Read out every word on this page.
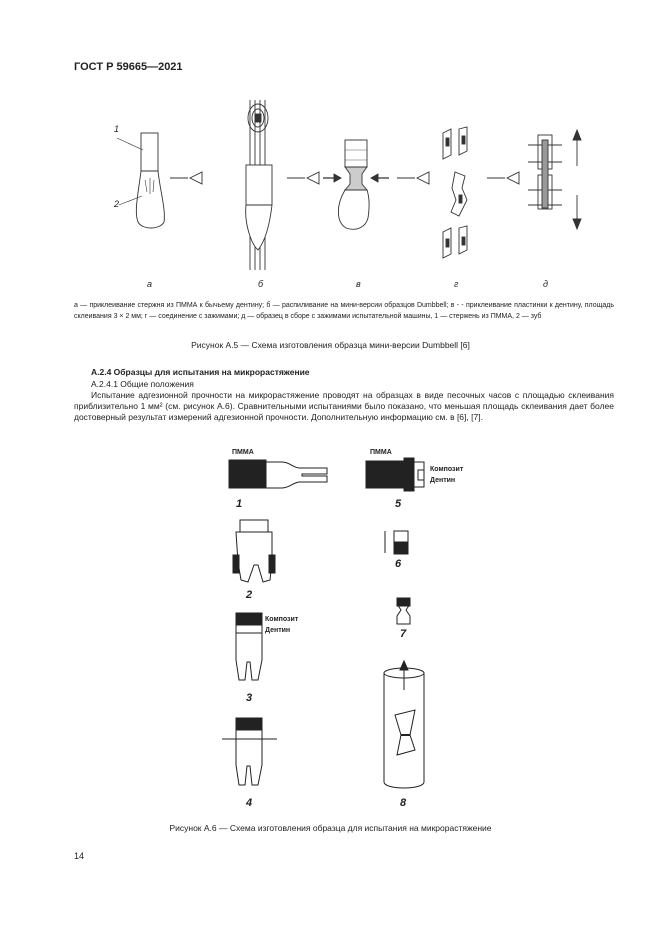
ГОСТ Р 59665—2021
1
2
а	б	в	г	д
а — приклеивание стержня из ПММА к бычьему дентину; б — распиливание на мини-версии образцов Dumbbell; в - - приклеивание пластинки к дентину, площадь склеивания 3 × 2 мм; г — соединение с зажимами; д — образец в сборе с зажимами испытательной машины, 1 — стержень из ПММА, 2 — зуб
Рисунок А.5 — Схема изготовления образца мини-версии Dumbbell [6]
А.2.4 Образцы для испытания на микрорастяжение
А.2.4.1 Общие положения
Испытание адгезионной прочности на микрорастяжение проводят на образцах в виде песочных часов с площадью склеивания приблизительно 1 мм² (см. рисунок А.6). Сравнительными испытаниями было показано, что меньшая площадь склеивания дает более достоверный результат измерений адгезионной прочности. Дополнительную информацию см. в [6], [7].
1	5
2
6
3
7
4	8
ПММА	ПММА
Композит
Дентин
Композит
Дентин
Рисунок А.6 — Схема изготовления образца для испытания на микрорастяжение
14
